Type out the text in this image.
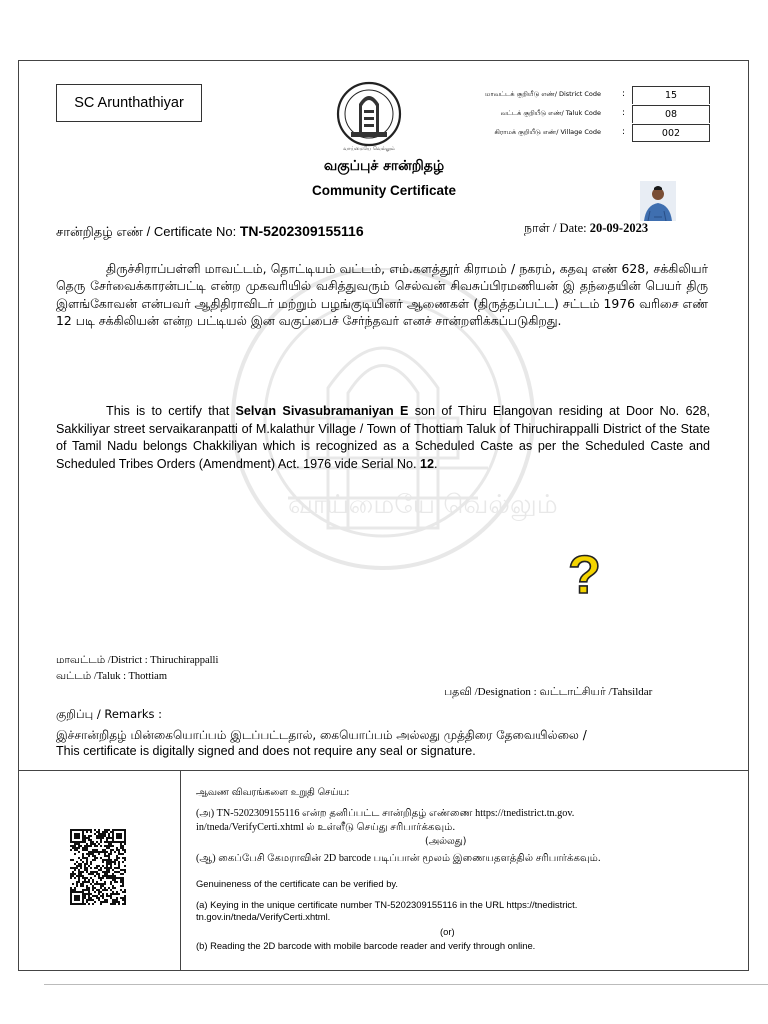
SC Arunthathiyar
வாய்மையே வெல்லும்
வாய்மையே வெல்லும்
மாவட்டக் குறியீடு எண்/ District Code :	15
வட்டக் குறியீடு எண்/ Taluk Code :	08
கிராமக் குறியீடு எண்/ Village Code :	002
வகுப்புச் சான்றிதழ்
Community Certificate
சான்றிதழ் எண் / Certificate No: TN-5202309155116	நாள் / Date: 20-09-2023

திருச்சிராப்பள்ளி மாவட்டம், தொட்டியம் வட்டம், எம்.களத்தூர் கிராமம் / நகரம், கதவு எண் 628, சக்கிலியர் தெரு சேர்வைக்காரன்பட்டி என்ற முகவரியில் வசித்துவரும் செல்வன் சிவசுப்பிரமணியன் இ தந்தையின் பெயர் திரு இளங்கோவன் என்பவர் ஆதிதிராவிடர் மற்றும் பழங்குடியினர் ஆணைகள் (திருத்தப்பட்ட) சட்டம் 1976 வரிசை எண் 12 படி சக்கிலியன் என்ற பட்டியல் இன வகுப்பைச் சேர்ந்தவர் எனச் சான்றளிக்கப்படுகிறது.

This is to certify that Selvan Sivasubramaniyan E son of Thiru Elangovan residing at Door No. 628, Sakkiliyar street servaikaranpatti of M.kalathur Village / Town of Thottiam Taluk of Thiruchirappalli District of the State of Tamil Nadu belongs Chakkiliyan which is recognized as a Scheduled Caste as per the Scheduled Caste and Scheduled Tribes Orders (Amendment) Act. 1976 vide Serial No. 12.

?
மாவட்டம் /District : Thiruchirappalli
வட்டம் /Taluk : Thottiam
பதவி /Designation : வட்டாட்சியர் /Tahsildar
குறிப்பு / Remarks :
இச்சான்றிதழ் மின்கையொப்பம் இடப்பட்டதால், கையொப்பம் அல்லது முத்திரை தேவையில்லை /
This certificate is digitally signed and does not require any seal or signature.
ஆவண விவரங்களை உறுதி செய்ய:
(அ) TN-5202309155116 என்ற தனிப்பட்ட சான்றிதழ் எண்ணை https://tnedistrict.tn.gov.
in/tneda/VerifyCerti.xhtml ல் உள்ளீடு செய்து சரிபார்க்கவும்.
(அல்லது)
(ஆ) கைப்பேசி கேமராவின் 2D barcode படிப்பான் மூலம் இணையதளத்தில் சரிபார்க்கவும்.
Genuineness of the certificate can be verified by.
(a) Keying in the unique certificate number TN-5202309155116 in the URL https://tnedistrict.
tn.gov.in/tneda/VerifyCerti.xhtml.
(or)
(b) Reading the 2D barcode with mobile barcode reader and verify through online.
